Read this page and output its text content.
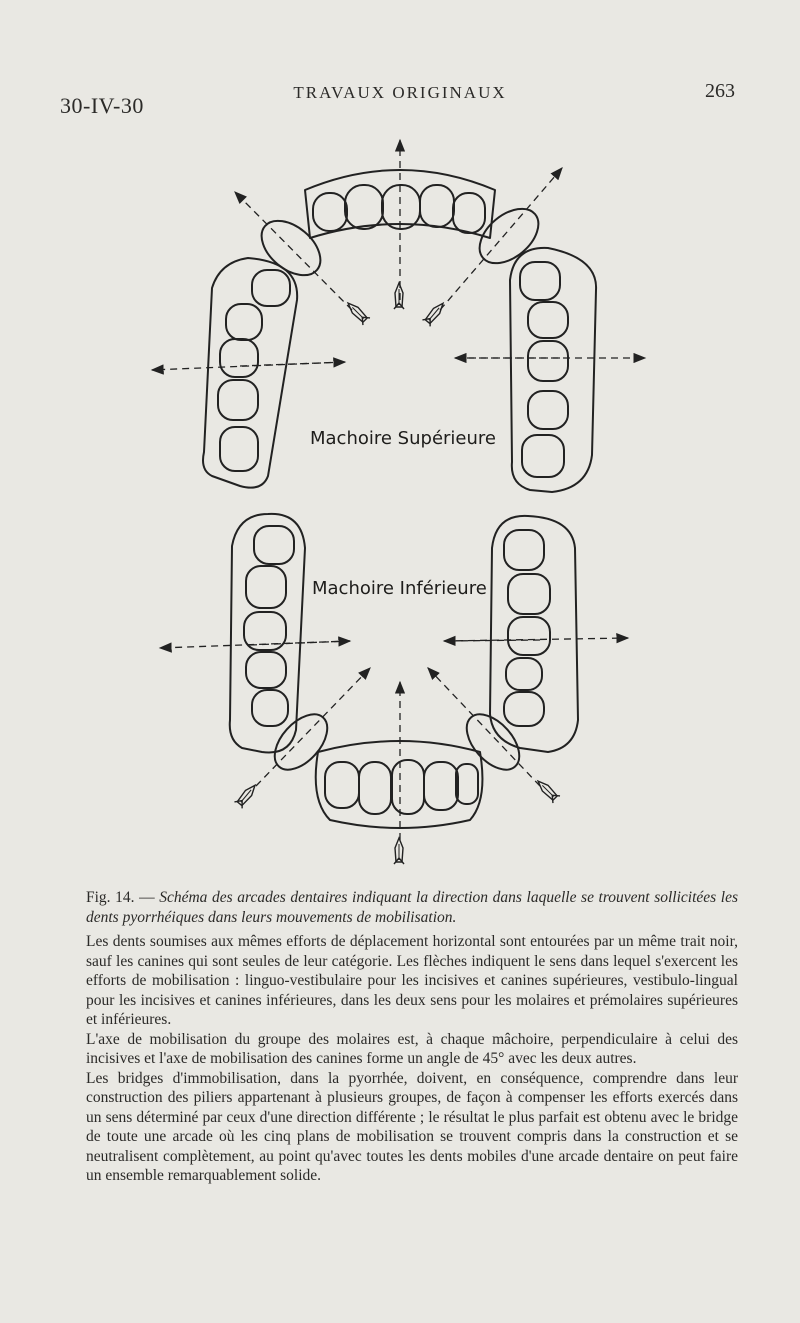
30-IV-30
TRAVAUX ORIGINAUX	263
Machoire Supérieure
Machoire Inférieure
Fig. 14. — Schéma des arcades dentaires indiquant la direction dans laquelle se trouvent sollicitées les dents pyorrhéiques dans leurs mouvements de mobilisation.

Les dents soumises aux mêmes efforts de déplacement horizontal sont entourées par un même trait noir, sauf les canines qui sont seules de leur catégorie. Les flèches indiquent le sens dans lequel s'exercent les efforts de mobilisation : linguo-vestibulaire pour les incisives et canines supérieures, vestibulo-lingual pour les incisives et canines inférieures, dans les deux sens pour les molaires et prémolaires supérieures et inférieures.

L'axe de mobilisation du groupe des molaires est, à chaque mâchoire, perpendiculaire à celui des incisives et l'axe de mobilisation des canines forme un angle de 45° avec les deux autres.

Les bridges d'immobilisation, dans la pyorrhée, doivent, en conséquence, comprendre dans leur construction des piliers appartenant à plusieurs groupes, de façon à compenser les efforts exercés dans un sens déterminé par ceux d'une direction différente ; le résultat le plus parfait est obtenu avec le bridge de toute une arcade où les cinq plans de mobilisation se trouvent compris dans la construction et se neutralisent complètement, au point qu'avec toutes les dents mobiles d'une arcade dentaire on peut faire un ensemble remarquablement solide.
